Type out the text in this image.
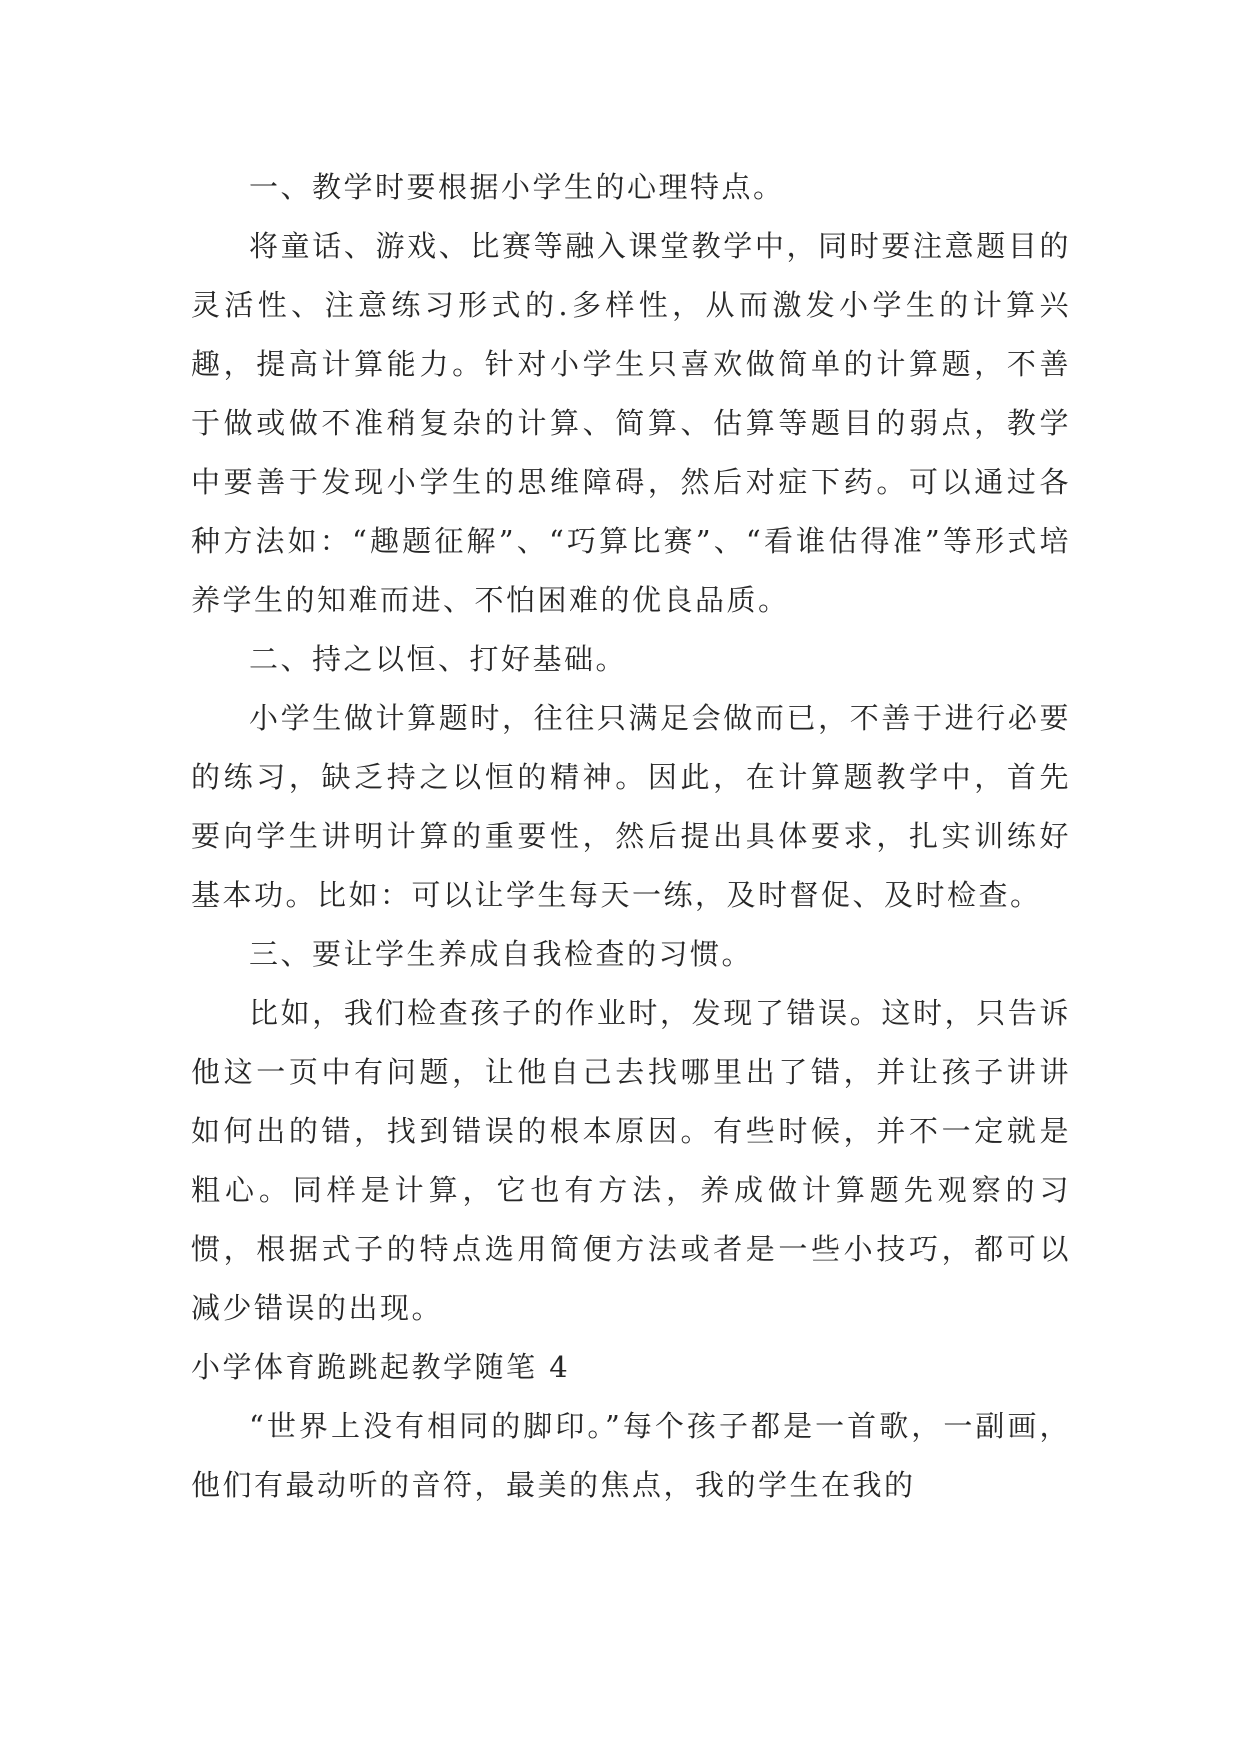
一、教学时要根据小学生的心理特点。

将童话、游戏、比赛等融入课堂教学中，同时要注意题目的灵活性、注意练习形式的.多样性，从而激发小学生的计算兴趣，提高计算能力。针对小学生只喜欢做简单的计算题，不善于做或做不准稍复杂的计算、简算、估算等题目的弱点，教学中要善于发现小学生的思维障碍，然后对症下药。可以通过各种方法如：“趣题征解”、“巧算比赛”、“看谁估得准”等形式培养学生的知难而进、不怕困难的优良品质。

二、持之以恒、打好基础。

小学生做计算题时，往往只满足会做而已，不善于进行必要的练习，缺乏持之以恒的精神。因此，在计算题教学中，首先要向学生讲明计算的重要性，然后提出具体要求，扎实训练好基本功。比如：可以让学生每天一练，及时督促、及时检查。

三、要让学生养成自我检查的习惯。

比如，我们检查孩子的作业时，发现了错误。这时，只告诉他这一页中有问题，让他自己去找哪里出了错，并让孩子讲讲如何出的错，找到错误的根本原因。有些时候，并不一定就是粗心。同样是计算，它也有方法，养成做计算题先观察的习惯，根据式子的特点选用简便方法或者是一些小技巧，都可以减少错误的出现。

小学体育跪跳起教学随笔 4

“世界上没有相同的脚印。”每个孩子都是一首歌，一副画，他们有最动听的音符，最美的焦点，我的学生在我的
